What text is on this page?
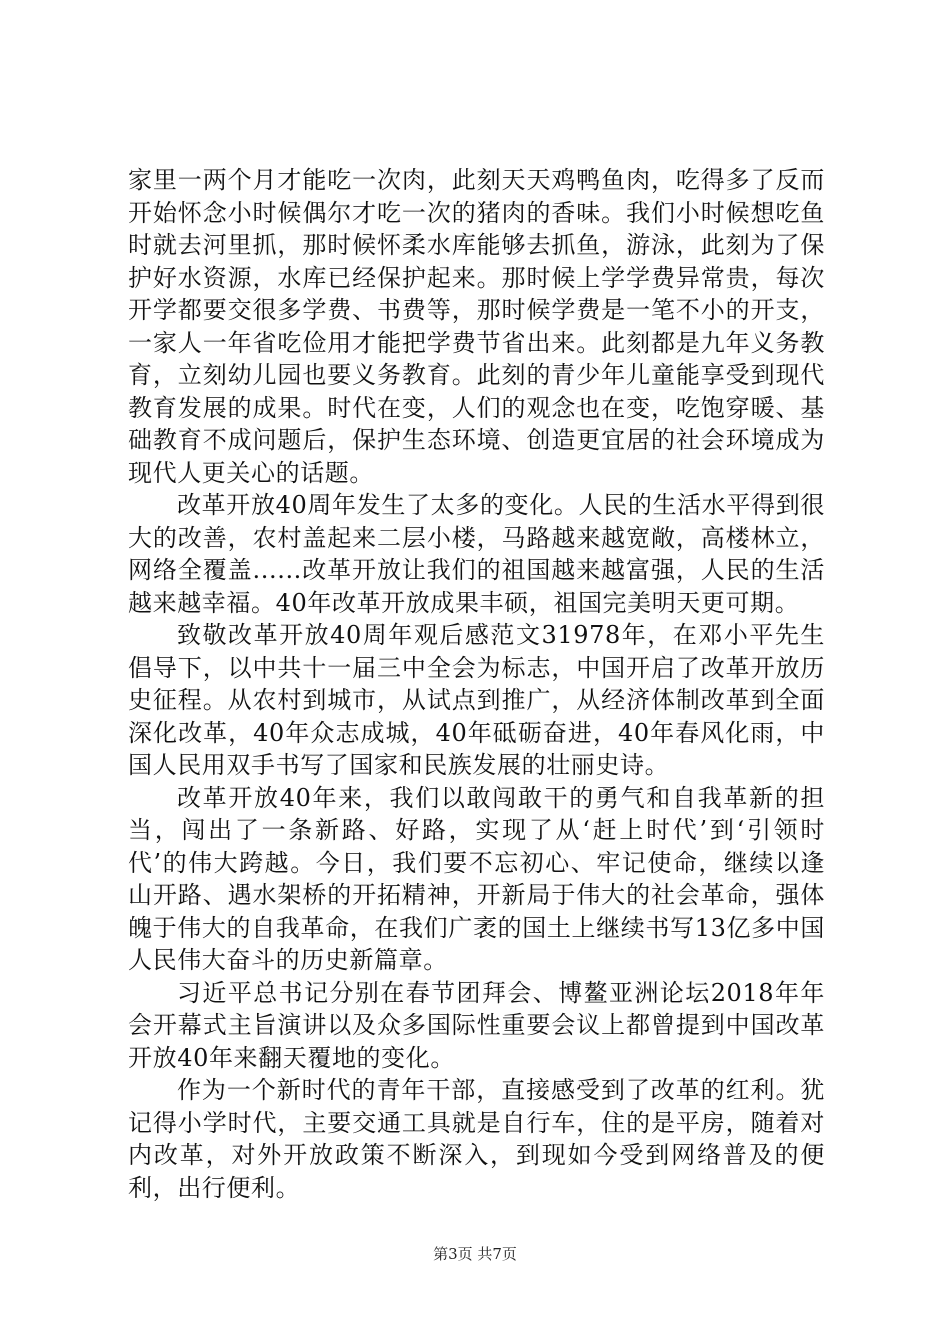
家里一两个月才能吃一次肉，此刻天天鸡鸭鱼肉，吃得多了反而开始怀念小时候偶尔才吃一次的猪肉的香味。我们小时候想吃鱼时就去河里抓，那时候怀柔水库能够去抓鱼，游泳，此刻为了保护好水资源，水库已经保护起来。那时候上学学费异常贵，每次开学都要交很多学费、书费等，那时候学费是一笔不小的开支，一家人一年省吃俭用才能把学费节省出来。此刻都是九年义务教育，立刻幼儿园也要义务教育。此刻的青少年儿童能享受到现代教育发展的成果。时代在变，人们的观念也在变，吃饱穿暖、基础教育不成问题后，保护生态环境、创造更宜居的社会环境成为现代人更关心的话题。

改革开放40周年发生了太多的变化。人民的生活水平得到很大的改善，农村盖起来二层小楼，马路越来越宽敞，高楼林立，网络全覆盖......改革开放让我们的祖国越来越富强，人民的生活越来越幸福。40年改革开放成果丰硕，祖国完美明天更可期。

致敬改革开放40周年观后感范文31978年，在邓小平先生倡导下，以中共十一届三中全会为标志，中国开启了改革开放历史征程。从农村到城市，从试点到推广，从经济体制改革到全面深化改革，40年众志成城，40年砥砺奋进，40年春风化雨，中国人民用双手书写了国家和民族发展的壮丽史诗。

改革开放40年来，我们以敢闯敢干的勇气和自我革新的担当，闯出了一条新路、好路，实现了从‘赶上时代’到‘引领时代’的伟大跨越。今日，我们要不忘初心、牢记使命，继续以逢山开路、遇水架桥的开拓精神，开新局于伟大的社会革命，强体魄于伟大的自我革命，在我们广袤的国土上继续书写13亿多中国人民伟大奋斗的历史新篇章。

习近平总书记分别在春节团拜会、博鳌亚洲论坛2018年年会开幕式主旨演讲以及众多国际性重要会议上都曾提到中国改革开放40年来翻天覆地的变化。

作为一个新时代的青年干部，直接感受到了改革的红利。犹记得小学时代，主要交通工具就是自行车，住的是平房，随着对内改革，对外开放政策不断深入，到现如今受到网络普及的便利，出行便利。

第3页 共7页
